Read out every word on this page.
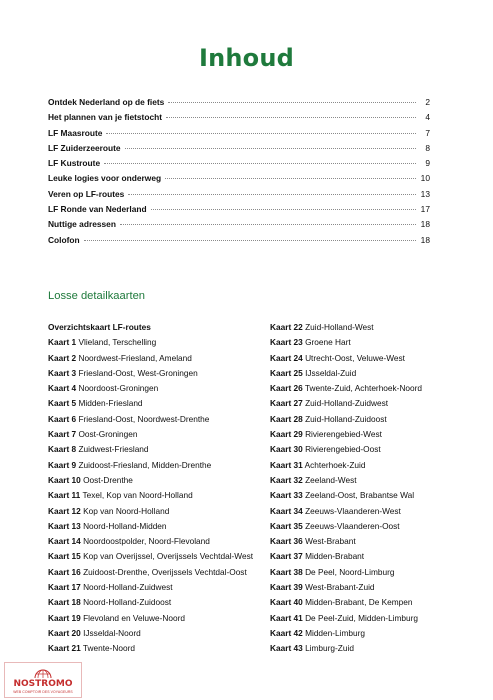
Inhoud
Ontdek Nederland op de fiets	2
Het plannen van je fietstocht	4
LF Maasroute	7
LF Zuiderzeeroute	8
LF Kustroute	9
Leuke logies voor onderweg	10
Veren op LF-routes	13
LF Ronde van Nederland	17
Nuttige adressen	18
Colofon	18
Losse detailkaarten
Overzichtskaart LF-routes
Kaart 1 Vlieland, Terschelling
Kaart 2 Noordwest-Friesland, Ameland
Kaart 3 Friesland-Oost, West-Groningen
Kaart 4 Noordoost-Groningen
Kaart 5 Midden-Friesland
Kaart 6 Friesland-Oost, Noordwest-Drenthe
Kaart 7 Oost-Groningen
Kaart 8 Zuidwest-Friesland
Kaart 9 Zuidoost-Friesland, Midden-Drenthe
Kaart 10 Oost-Drenthe
Kaart 11 Texel, Kop van Noord-Holland
Kaart 12 Kop van Noord-Holland
Kaart 13 Noord-Holland-Midden
Kaart 14 Noordoostpolder, Noord-Flevoland
Kaart 15 Kop van Overijssel, Overijssels Vechtdal-West
Kaart 16 Zuidoost-Drenthe, Overijssels Vechtdal-Oost
Kaart 17 Noord-Holland-Zuidwest
Kaart 18 Noord-Holland-Zuidoost
Kaart 19 Flevoland en Veluwe-Noord
Kaart 20 IJsseldal-Noord
Kaart 21 Twente-Noord
Kaart 22 Zuid-Holland-West
Kaart 23 Groene Hart
Kaart 24 Utrecht-Oost, Veluwe-West
Kaart 25 IJsseldal-Zuid
Kaart 26 Twente-Zuid, Achterhoek-Noord
Kaart 27 Zuid-Holland-Zuidwest
Kaart 28 Zuid-Holland-Zuidoost
Kaart 29 Rivierengebied-West
Kaart 30 Rivierengebied-Oost
Kaart 31 Achterhoek-Zuid
Kaart 32 Zeeland-West
Kaart 33 Zeeland-Oost, Brabantse Wal
Kaart 34 Zeeuws-Vlaanderen-West
Kaart 35 Zeeuws-Vlaanderen-Oost
Kaart 36 West-Brabant
Kaart 37 Midden-Brabant
Kaart 38 De Peel, Noord-Limburg
Kaart 39 West-Brabant-Zuid
Kaart 40 Midden-Brabant, De Kempen
Kaart 41 De Peel-Zuid, Midden-Limburg
Kaart 42 Midden-Limburg
Kaart 43 Limburg-Zuid
NOSTROMO
WEB COMPTOIR DES VOYAGEURS
